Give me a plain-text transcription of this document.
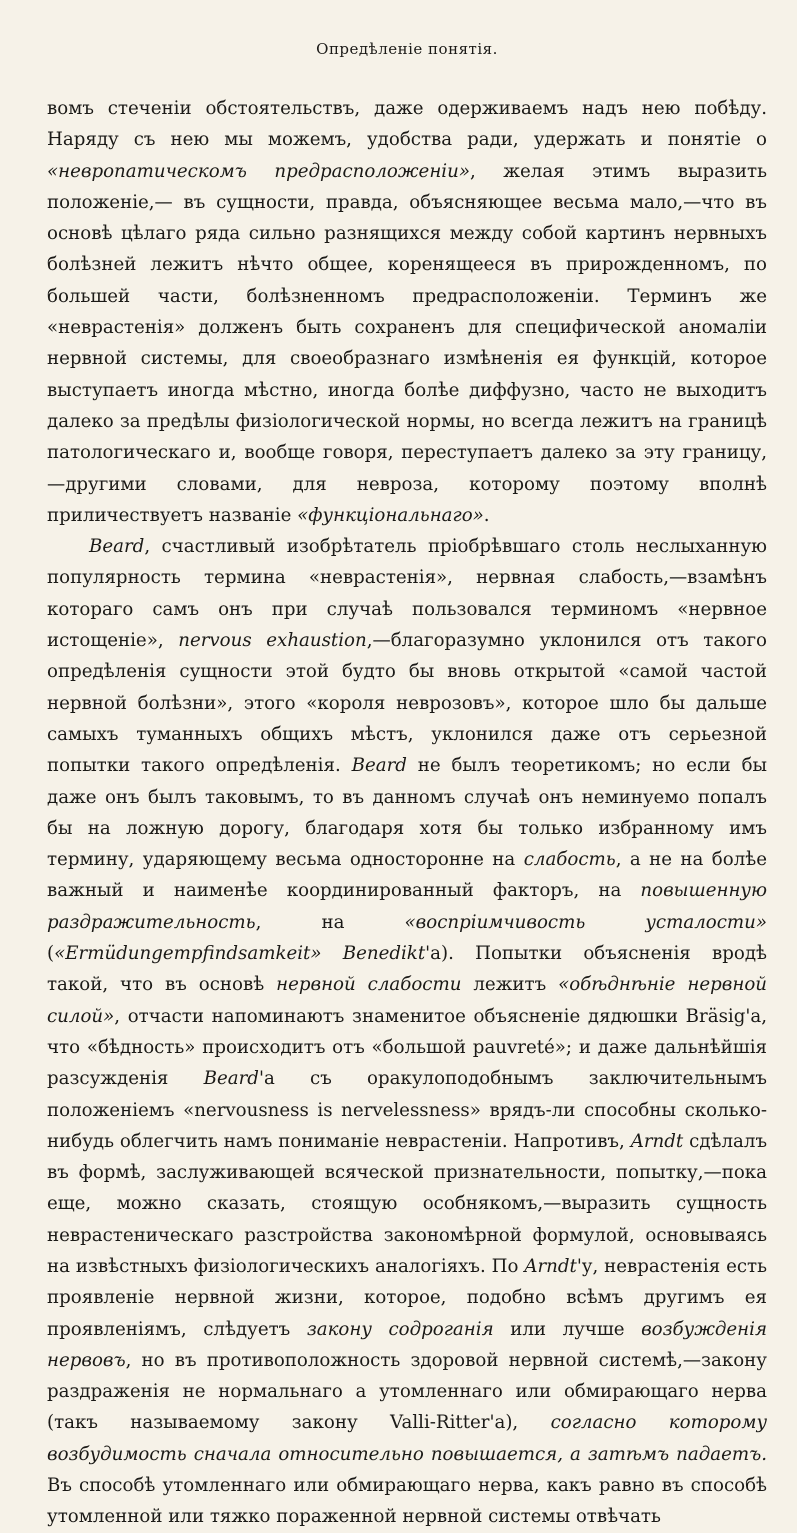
Опредѣленіе понятія.

вомъ стеченіи обстоятельствъ, даже одерживаемъ надъ нею побѣду. Наряду съ нею мы можемъ, удобства ради, удержать и понятіе о «невропатическомъ предрасположеніи», желая этимъ выразить положеніе,— въ сущности, правда, объясняющее весьма мало,—что въ основѣ цѣлаго ряда сильно разнящихся между собой картинъ нервныхъ болѣзней лежитъ нѣчто общее, коренящееся въ прирожденномъ, по большей части, болѣзненномъ предрасположеніи. Терминъ же «неврастенія» долженъ быть сохраненъ для специфической аномаліи нервной системы, для своеобразнаго измѣненія ея функцій, которое выступаетъ иногда мѣстно, иногда болѣе диффузно, часто не выходитъ далеко за предѣлы физіологической нормы, но всегда лежитъ на границѣ патологическаго и, вообще говоря, переступаетъ далеко за эту границу,—другими словами, для невроза, которому поэтому вполнѣ приличествуетъ названіе «функціональнаго».

Beard, счастливый изобрѣтатель пріобрѣвшаго столь неслыханную популярность термина «неврастенія», нервная слабость,—взамѣнъ котораго самъ онъ при случаѣ пользовался терминомъ «нервное истощеніе», nervous exhaustion,—благоразумно уклонился отъ такого опредѣленія сущности этой будто бы вновь открытой «самой частой нервной болѣзни», этого «короля неврозовъ», которое шло бы дальше самыхъ туманныхъ общихъ мѣстъ, уклонился даже отъ серьезной попытки такого опредѣленія. Beard не былъ теоретикомъ; но если бы даже онъ былъ таковымъ, то въ данномъ случаѣ онъ неминуемо попалъ бы на ложную дорогу, благодаря хотя бы только избранному имъ термину, ударяющему весьма односторонне на слабость, а не на болѣе важный и наименѣе координированный факторъ, на повышенную раздражительность, на «воспріимчивость усталости» («Ermüdungempfindsamkeit» Benedikt'а). Попытки объясненія вродѣ такой, что въ основѣ нервной слабости лежитъ «обѣднѣніе нервной силой», отчасти напоминаютъ знаменитое объясненіе дядюшки Bräsig'а, что «бѣдность» происходитъ отъ «большой pauvreté»; и даже дальнѣйшія разсужденія Beard'а съ оракулоподобнымъ заключительнымъ положеніемъ «nervousness is nervelessness» врядъ-ли способны сколько-нибудь облегчить намъ пониманіе неврастеніи. Напротивъ, Arndt сдѣлалъ въ формѣ, заслуживающей всяческой признательности, попытку,—пока еще, можно сказать, стоящую особнякомъ,—выразить сущность неврастеническаго разстройства закономѣрной формулой, основываясь на извѣстныхъ физіологическихъ аналогіяхъ. По Arndt'у, неврастенія есть проявленіе нервной жизни, которое, подобно всѣмъ другимъ ея проявленіямъ, слѣдуетъ закону содроганія или лучше возбужденія нервовъ, но въ противоположность здоровой нервной системѣ,—закону раздраженія не нормальнаго а утомленнаго или обмирающаго нерва (такъ называемому закону Valli-Ritter'а), согласно которому возбудимость сначала относительно повышается, а затѣмъ падаетъ. Въ способѣ утомленнаго или обмирающаго нерва, какъ равно въ способѣ утомленной или тяжко пораженной нервной системы отвѣчать
